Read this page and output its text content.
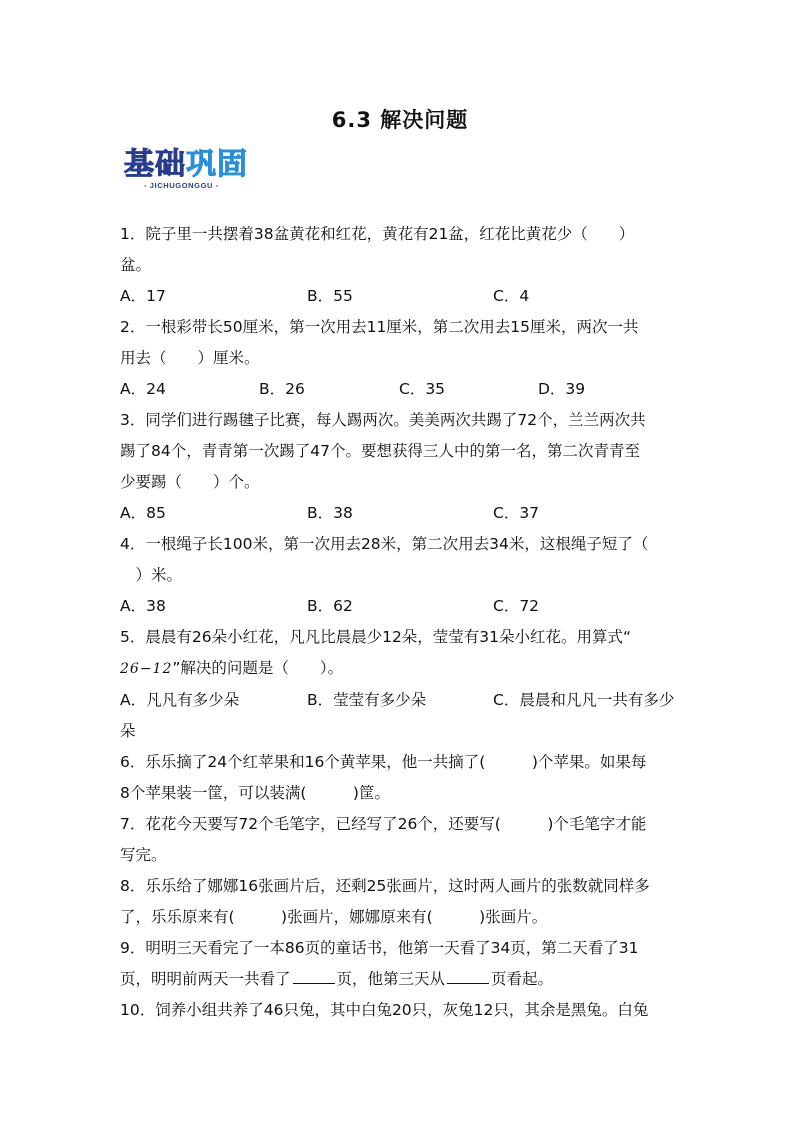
6.3 解决问题
基础巩固
- JICHUGONGGU -
1．院子里一共摆着38盆黄花和红花，黄花有21盆，红花比黄花少（　　）
盆。
A．17	B．55	C．4
2．一根彩带长50厘米，第一次用去11厘米，第二次用去15厘米，两次一共
用去（　　）厘米。
A．24	B．26	C．35	D．39
3．同学们进行踢毽子比赛，每人踢两次。美美两次共踢了72个，兰兰两次共
踢了84个，青青第一次踢了47个。要想获得三人中的第一名，第二次青青至
少要踢（　　）个。
A．85	B．38	C．37
4．一根绳子长100米，第一次用去28米，第二次用去34米，这根绳子短了（
　）米。
A．38	B．62	C．72
5．晨晨有26朵小红花，凡凡比晨晨少12朵，莹莹有31朵小红花。用算式“
26−12”解决的问题是（　　）。
A．凡凡有多少朵	B．莹莹有多少朵	C．晨晨和凡凡一共有多少
朵
6．乐乐摘了24个红苹果和16个黄苹果，他一共摘了(　　　)个苹果。如果每
8个苹果装一筐，可以装满(　　　)筐。
7．花花今天要写72个毛笔字，已经写了26个，还要写(　　　)个毛笔字才能
写完。
8．乐乐给了娜娜16张画片后，还剩25张画片，这时两人画片的张数就同样多
了，乐乐原来有(　　　)张画片，娜娜原来有(　　　)张画片。
9．明明三天看完了一本86页的童话书，他第一天看了34页，第二天看了31
页，明明前两天一共看了	页，他第三天从	页看起。
10．饲养小组共养了46只兔，其中白兔20只，灰兔12只，其余是黑兔。白兔
